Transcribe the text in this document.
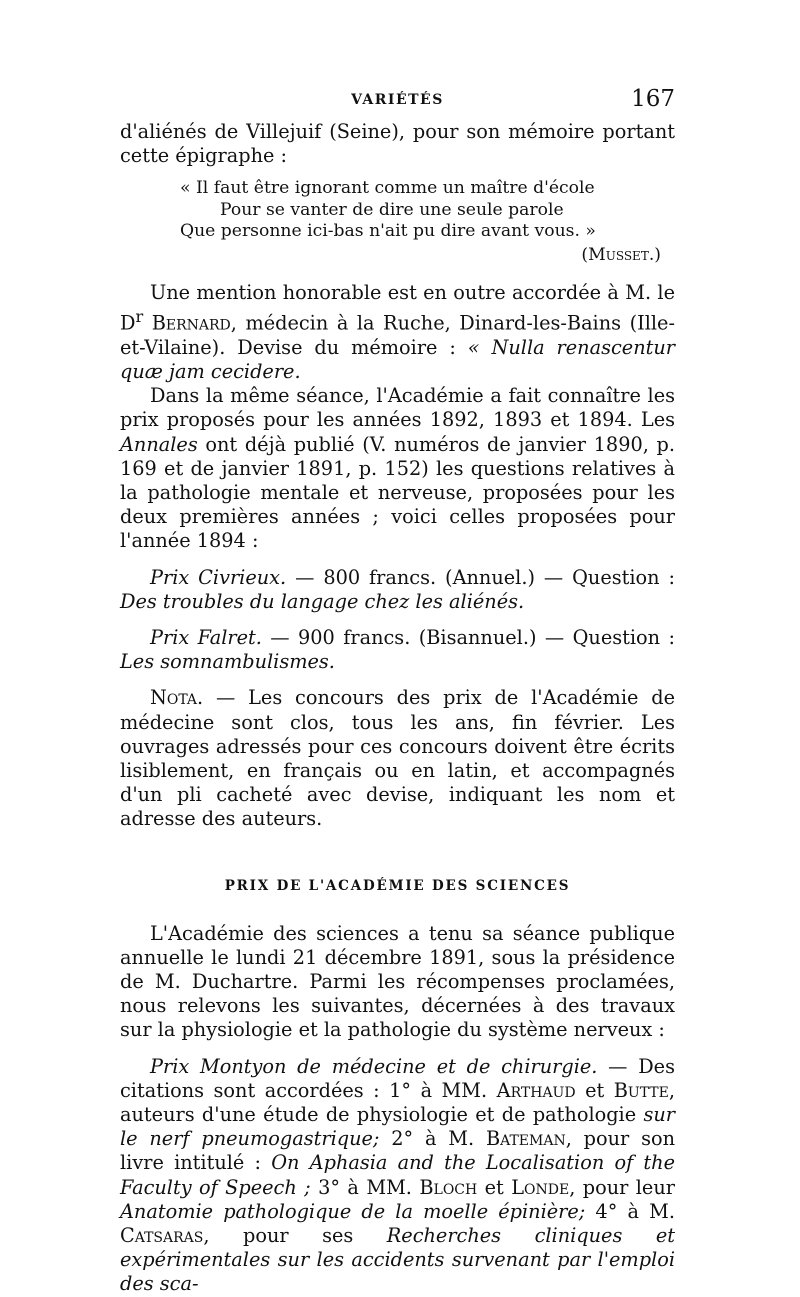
VARIÉTÉS	167

d'aliénés de Villejuif (Seine), pour son mémoire portant cette épigraphe :

« Il faut être ignorant comme un maître d'école
Pour se vanter de dire une seule parole
Que personne ici-bas n'ait pu dire avant vous. »
(Musset.)

Une mention honorable est en outre accordée à M. le $D^r$ Bernard, médecin à la Ruche, Dinard-les-Bains (Ille-et-Vilaine). Devise du mémoire : « Nulla renascentur quæ jam cecidere.

Dans la même séance, l'Académie a fait connaître les prix proposés pour les années 1892, 1893 et 1894. Les Annales ont déjà publié (V. numéros de janvier 1890, p. 169 et de janvier 1891, p. 152) les questions relatives à la pathologie mentale et nerveuse, proposées pour les deux premières années ; voici celles proposées pour l'année 1894 :

Prix Civrieux. — 800 francs. (Annuel.) — Question : Des troubles du langage chez les aliénés.

Prix Falret. — 900 francs. (Bisannuel.) — Question : Les somnambulismes.

Nota. — Les concours des prix de l'Académie de médecine sont clos, tous les ans, fin février. Les ouvrages adressés pour ces concours doivent être écrits lisiblement, en français ou en latin, et accompagnés d'un pli cacheté avec devise, indiquant les nom et adresse des auteurs.

PRIX DE L'ACADÉMIE DES SCIENCES

L'Académie des sciences a tenu sa séance publique annuelle le lundi 21 décembre 1891, sous la présidence de M. Duchartre. Parmi les récompenses proclamées, nous relevons les suivantes, décernées à des travaux sur la physiologie et la pathologie du système nerveux :

Prix Montyon de médecine et de chirurgie. — Des citations sont accordées : 1° à MM. Arthaud et Butte, auteurs d'une étude de physiologie et de pathologie sur le nerf pneumogastrique; 2° à M. Bateman, pour son livre intitulé : On Aphasia and the Localisation of the Faculty of Speech ; 3° à MM. Bloch et Londe, pour leur Anatomie pathologique de la moelle épinière; 4° à M. Catsaras, pour ses Recherches cliniques et expérimentales sur les accidents survenant par l'emploi des sca-
